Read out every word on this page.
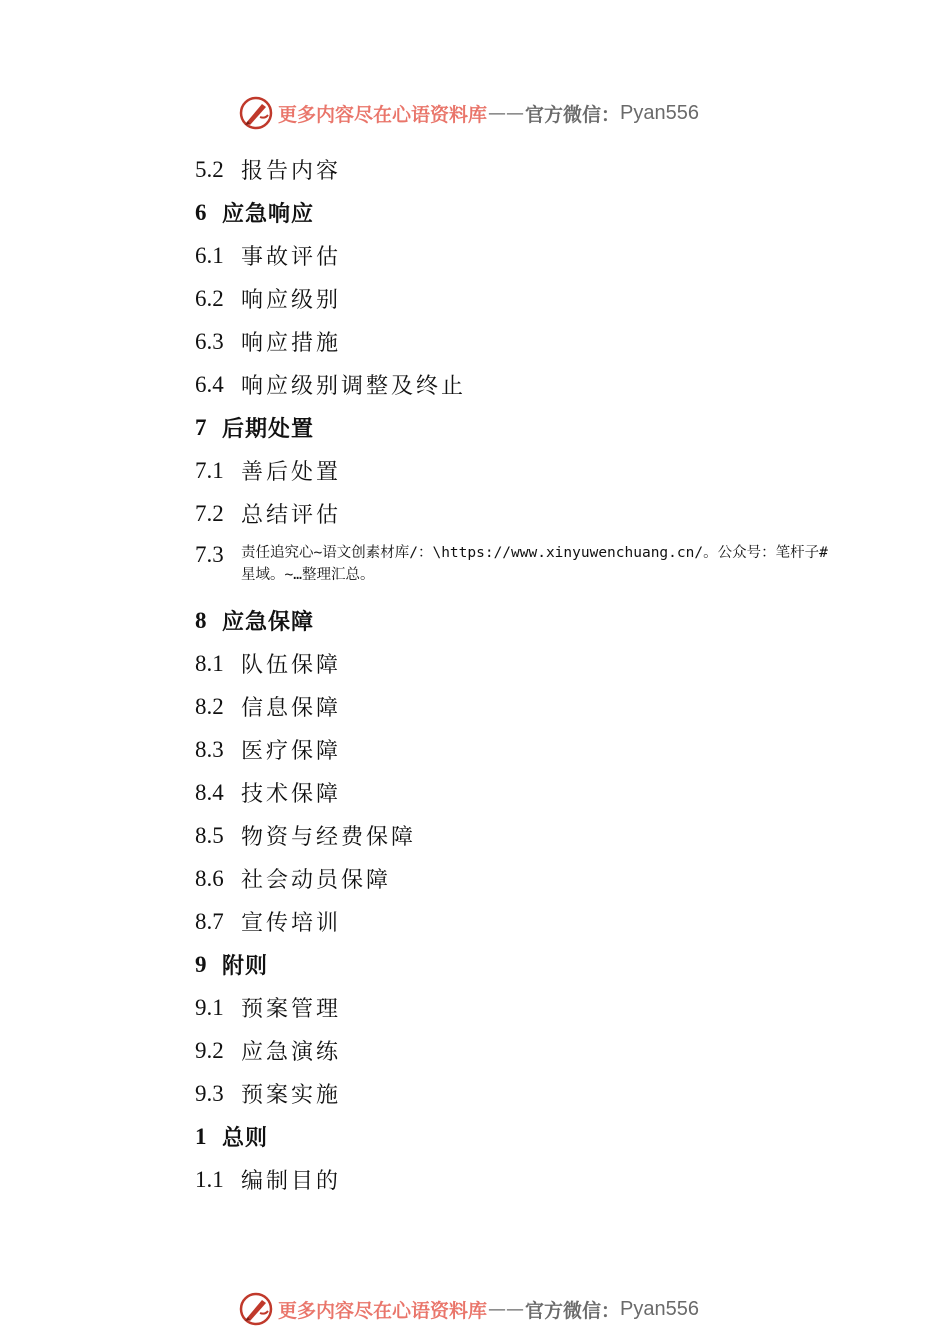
更多内容尽在心语资料库 —— 官方微信： Pyan556
5.2 报告内容
6 应急响应
6.1 事故评估
6.2 响应级别
6.3 响应措施
6.4 响应级别调整及终止
7 后期处置
7.1 善后处置
7.2 总结评估
7.3	责任追究心~语文创素材库/：\https://www.xinyuwenchuang.cn/。公众号：笔杆子#星域。~…整理汇总。
8 应急保障
8.1 队伍保障
8.2 信息保障
8.3 医疗保障
8.4 技术保障
8.5 物资与经费保障
8.6 社会动员保障
8.7 宣传培训
9 附则
9.1 预案管理
9.2 应急演练
9.3 预案实施
1 总则
1.1 编制目的
更多内容尽在心语资料库 —— 官方微信： Pyan556
